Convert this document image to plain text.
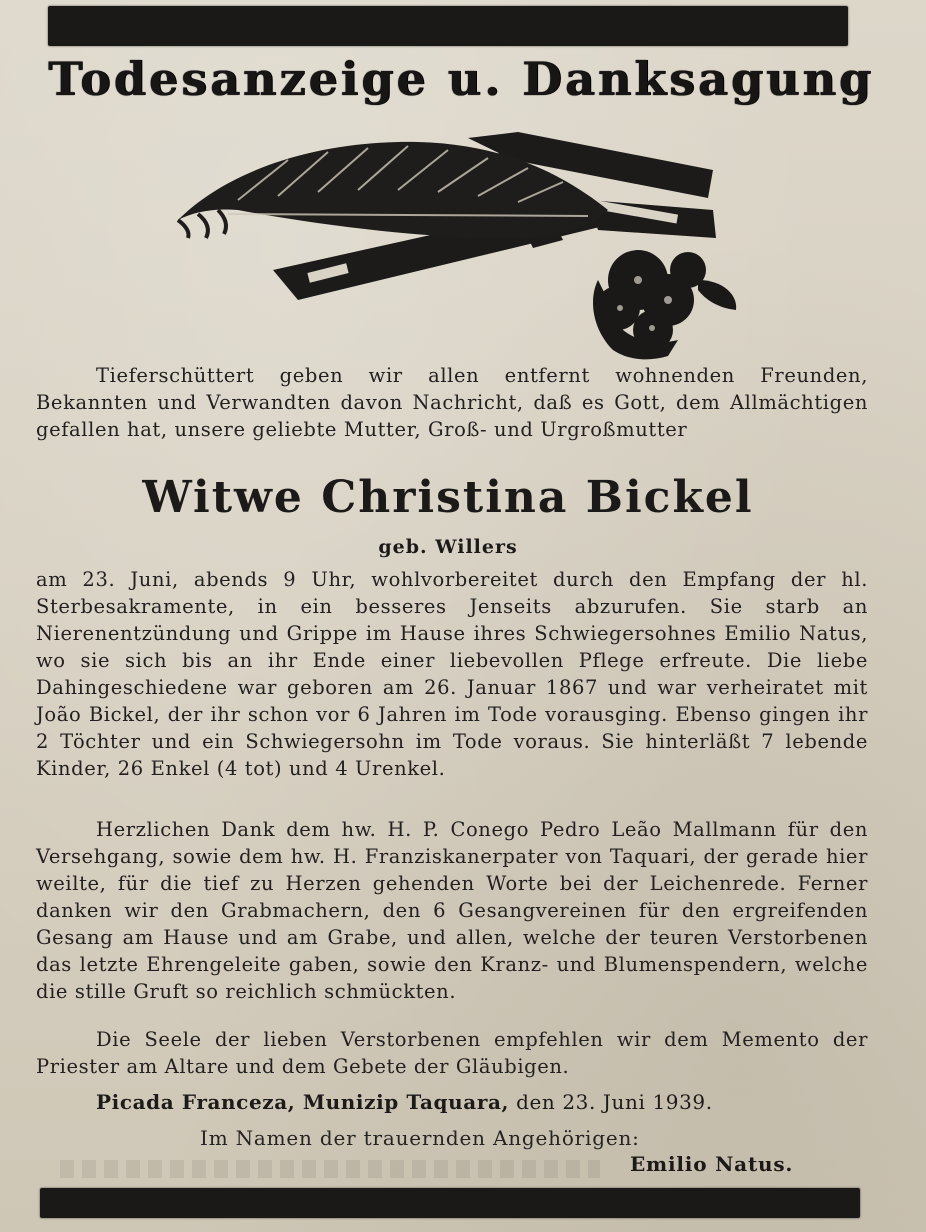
Todesanzeige u. Danksagung
Tieferschüttert geben wir allen entfernt wohnenden Freunden, Bekannten und Verwandten davon Nachricht, daß es Gott, dem Allmächtigen gefallen hat, unsere geliebte Mutter, Groß- und Urgroßmutter
Witwe Christina Bickel
geb. Willers
am 23. Juni, abends 9 Uhr, wohlvorbereitet durch den Empfang der hl. Sterbesakramente, in ein besseres Jenseits abzurufen. Sie starb an Nierenentzündung und Grippe im Hause ihres Schwiegersohnes Emilio Natus, wo sie sich bis an ihr Ende einer liebevollen Pflege erfreute. Die liebe Dahingeschiedene war geboren am 26. Januar 1867 und war verheiratet mit João Bickel, der ihr schon vor 6 Jahren im Tode vorausging. Ebenso gingen ihr 2 Töchter und ein Schwiegersohn im Tode voraus. Sie hinterläßt 7 lebende Kinder, 26 Enkel (4 tot) und 4 Urenkel.
Herzlichen Dank dem hw. H. P. Conego Pedro Leão Mallmann für den Versehgang, sowie dem hw. H. Franziskanerpater von Taquari, der gerade hier weilte, für die tief zu Herzen gehenden Worte bei der Leichenrede. Ferner danken wir den Grabmachern, den 6 Gesangvereinen für den ergreifenden Gesang am Hause und am Grabe, und allen, welche der teuren Verstorbenen das letzte Ehrengeleite gaben, sowie den Kranz- und Blumenspendern, welche die stille Gruft so reichlich schmückten.
Die Seele der lieben Verstorbenen empfehlen wir dem Memento der Priester am Altare und dem Gebete der Gläubigen.
Picada Franceza, Munizip Taquara, den 23. Juni 1939.
Im Namen der trauernden Angehörigen:
Emilio Natus.
